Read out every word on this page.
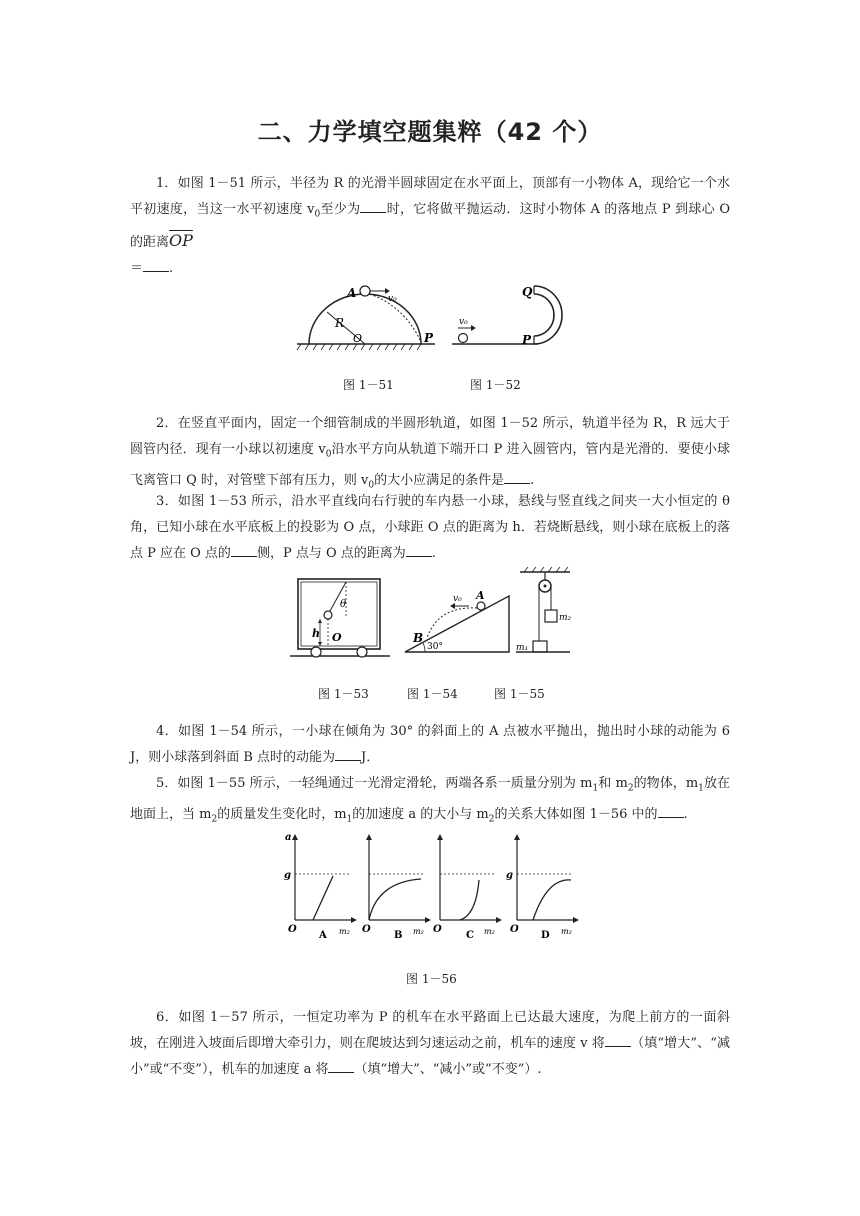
二、力学填空题集粹（42 个）
1．如图 1－51 所示，半径为 R 的光滑半圆球固定在水平面上，顶部有一小物体 A，现给它一个水平初速度，当这一水平初速度 $v_0$至少为 时，它将做平抛运动．这时小物体 A 的落地点 P 到球心 O 的距离$\overline{OP}$
＝ .
A	v₀
R
O	P
v₀
Q
P
图 1－51	图 1－52
2．在竖直平面内，固定一个细管制成的半圆形轨道，如图 1－52 所示，轨道半径为 R，R 远大于圆管内径．现有一小球以初速度 $v_0$沿水平方向从轨道下端开口 P 进入圆管内，管内是光滑的．要使小球飞离管口 Q 时，对管壁下部有压力，则 $v_0$的大小应满足的条件是 .
3．如图 1－53 所示，沿水平直线向右行驶的车内悬一小球，悬线与竖直线之间夹一大小恒定的 θ 角，已知小球在水平底板上的投影为 O 点，小球距 O 点的距离为 h．若烧断悬线，则小球在底板上的落点 P 应在 O 点的 侧，P 点与 O 点的距离为 .
θ
h O
v₀ A
B
30°
m₂
m₁
图 1－53	图 1－54	图 1－55
4．如图 1－54 所示，一小球在倾角为 30° 的斜面上的 A 点被水平抛出，抛出时小球的动能为 6 J，则小球落到斜面 B 点时的动能为 J．
5．如图 1－55 所示，一轻绳通过一光滑定滑轮，两端各系一质量分别为 $m_1$和 $m_2$的物体，$m_1$放在地面上，当 $m_2$的质量发生变化时，$m_1$的加速度 a 的大小与 $m_2$的关系大体如图 1－56 中的 .
a
g
O	m₂
A
O	m₂
B
O	m₂
C
g
O	m₂
D
图 1－56
6．如图 1－57 所示，一恒定功率为 P 的机车在水平路面上已达最大速度，为爬上前方的一面斜坡，在刚进入坡面后即增大牵引力，则在爬坡达到匀速运动之前，机车的速度 v 将 （填“增大”、“减小”或“不变”），机车的加速度 a 将 （填“增大”、“减小”或“不变”）.
